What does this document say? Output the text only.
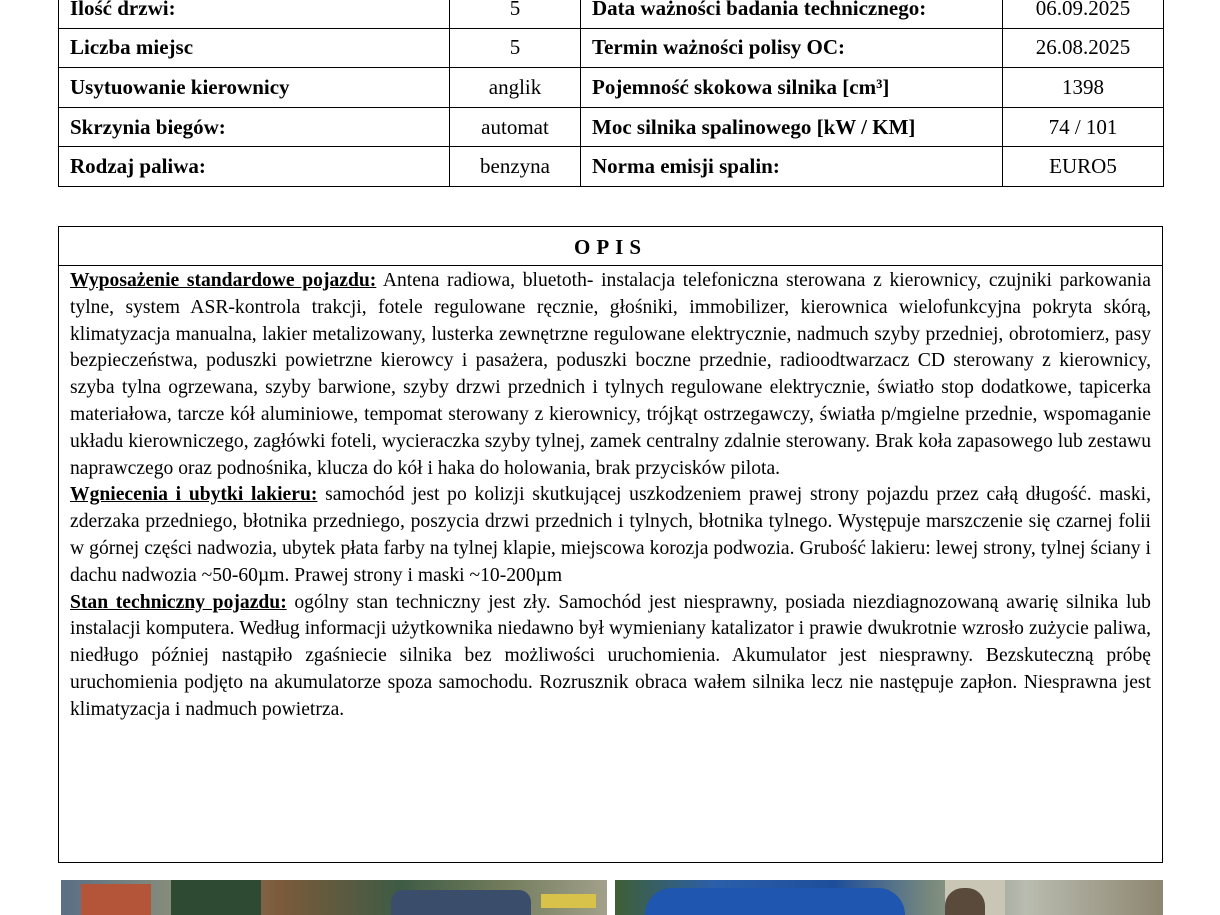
Ilość drzwi:	5	Data ważności badania technicznego:	06.09.2025
Liczba miejsc	5	Termin ważności polisy OC:	26.08.2025
Usytuowanie kierownicy	anglik	Pojemność skokowa silnika [cm³]	1398
Skrzynia biegów:	automat	Moc silnika spalinowego [kW / KM]	74 / 101
Rodzaj paliwa:	benzyna	Norma emisji spalin:	EURO5
OPIS

Wyposażenie standardowe pojazdu: Antena radiowa, bluetoth- instalacja telefoniczna sterowana z kierownicy, czujniki parkowania tylne, system ASR-kontrola trakcji, fotele regulowane ręcznie, głośniki, immobilizer, kierownica wielofunkcyjna pokryta skórą, klimatyzacja manualna, lakier metalizowany, lusterka zewnętrzne regulowane elektrycznie, nadmuch szyby przedniej, obrotomierz, pasy bezpieczeństwa, poduszki powietrzne kierowcy i pasażera, poduszki boczne przednie, radioodtwarzacz CD sterowany z kierownicy, szyba tylna ogrzewana, szyby barwione, szyby drzwi przednich i tylnych regulowane elektrycznie, światło stop dodatkowe, tapicerka materiałowa, tarcze kół aluminiowe, tempomat sterowany z kierownicy, trójkąt ostrzegawczy, światła p/mgielne przednie, wspomaganie układu kierowniczego, zagłówki foteli, wycieraczka szyby tylnej, zamek centralny zdalnie sterowany. Brak koła zapasowego lub zestawu naprawczego oraz podnośnika, klucza do kół i haka do holowania, brak przycisków pilota.

Wgniecenia i ubytki lakieru: samochód jest po kolizji skutkującej uszkodzeniem prawej strony pojazdu przez całą długość. maski, zderzaka przedniego, błotnika przedniego, poszycia drzwi przednich i tylnych, błotnika tylnego. Występuje marszczenie się czarnej folii w górnej części nadwozia, ubytek płata farby na tylnej klapie, miejscowa korozja podwozia. Grubość lakieru: lewej strony, tylnej ściany i dachu nadwozia ~50-60µm. Prawej strony i maski ~10-200µm

Stan techniczny pojazdu: ogólny stan techniczny jest zły. Samochód jest niesprawny, posiada niezdiagnozowaną awarię silnika lub instalacji komputera. Według informacji użytkownika niedawno był wymieniany katalizator i prawie dwukrotnie wzrosło zużycie paliwa, niedługo później nastąpiło zgaśniecie silnika bez możliwości uruchomienia. Akumulator jest niesprawny. Bezskuteczną próbę uruchomienia podjęto na akumulatorze spoza samochodu. Rozrusznik obraca wałem silnika lecz nie następuje zapłon. Niesprawna jest klimatyzacja i nadmuch powietrza.
